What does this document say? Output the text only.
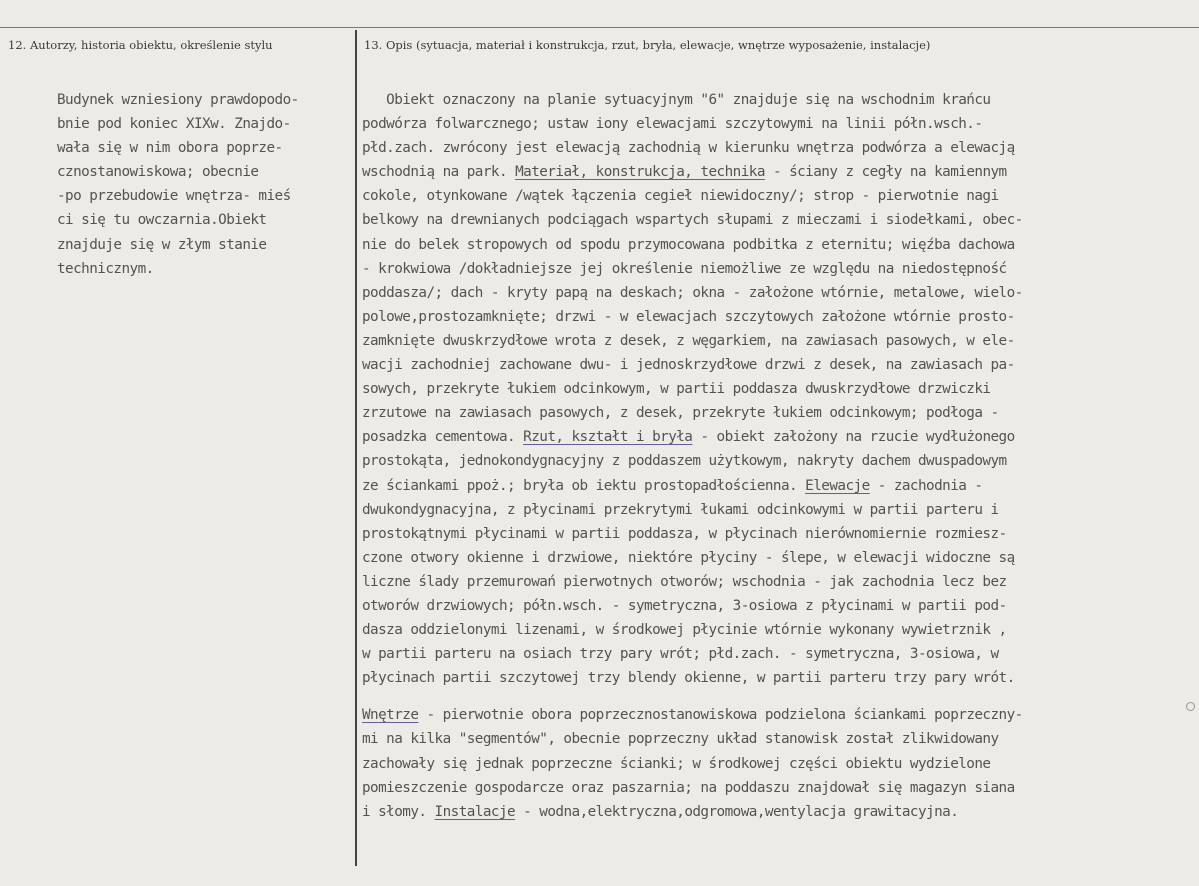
12. Autorzy, historia obiektu, określenie stylu	13. Opis (sytuacja, materiał i konstrukcja, rzut, bryła, elewacje, wnętrze wyposażenie, instalacje)
Budynek wzniesiony prawdopodo-
bnie pod koniec XIXw. Znajdo-
wała się w nim obora poprze-
cznostanowiskowa; obecnie
-po przebudowie wnętrza- mieś
ci się tu owczarnia.Obiekt
znajduje się w złym stanie
technicznym.
Obiekt oznaczony na planie sytuacyjnym "6" znajduje się na wschodnim krańcu
podwórza folwarcznego; ustaw iony elewacjami szczytowymi na linii półn.wsch.-
płd.zach. zwrócony jest elewacją zachodnią w kierunku wnętrza podwórza a elewacją
wschodnią na park. Materiał, konstrukcja, technika - ściany z cegły na kamiennym
cokole, otynkowane /wątek łączenia cegieł niewidoczny/; strop - pierwotnie nagi
belkowy na drewnianych podciągach wspartych słupami z mieczami i siodełkami, obec-
nie do belek stropowych od spodu przymocowana podbitka z eternitu; więźba dachowa
- krokwiowa /dokładniejsze jej określenie niemożliwe ze względu na niedostępność
poddasza/; dach - kryty papą na deskach; okna - założone wtórnie, metalowe, wielo-
polowe,prostozamknięte; drzwi - w elewacjach szczytowych założone wtórnie prosto-
zamknięte dwuskrzydłowe wrota z desek, z węgarkiem, na zawiasach pasowych, w ele-
wacji zachodniej zachowane dwu- i jednoskrzydłowe drzwi z desek, na zawiasach pa-
sowych, przekryte łukiem odcinkowym, w partii poddasza dwuskrzydłowe drzwiczki
zrzutowe na zawiasach pasowych, z desek, przekryte łukiem odcinkowym; podłoga -
posadzka cementowa. Rzut, kształt i bryła - obiekt założony na rzucie wydłużonego
prostokąta, jednokondygnacyjny z poddaszem użytkowym, nakryty dachem dwuspadowym
ze ściankami ppoż.; bryła ob iektu prostopadłościenna. Elewacje - zachodnia -
dwukondygnacyjna, z płycinami przekrytymi łukami odcinkowymi w partii parteru i
prostokątnymi płycinami w partii poddasza, w płycinach nierównomiernie rozmiesz-
czone otwory okienne i drzwiowe, niektóre płyciny - ślepe, w elewacji widoczne są
liczne ślady przemurowań pierwotnych otworów; wschodnia - jak zachodnia lecz bez
otworów drzwiowych; półn.wsch. - symetryczna, 3-osiowa z płycinami w partii pod-
dasza oddzielonymi lizenami, w środkowej płycinie wtórnie wykonany wywietrznik ,
w partii parteru na osiach trzy pary wrót; płd.zach. - symetryczna, 3-osiowa, w
płycinach partii szczytowej trzy blendy okienne, w partii parteru trzy pary wrót.
Wnętrze - pierwotnie obora poprzecznostanowiskowa podzielona ściankami poprzeczny-
mi na kilka "segmentów", obecnie poprzeczny układ stanowisk został zlikwidowany
zachowały się jednak poprzeczne ścianki; w środkowej części obiektu wydzielone
pomieszczenie gospodarcze oraz paszarnia; na poddaszu znajdował się magazyn siana
i słomy. Instalacje - wodna,elektryczna,odgromowa,wentylacja grawitacyjna.
